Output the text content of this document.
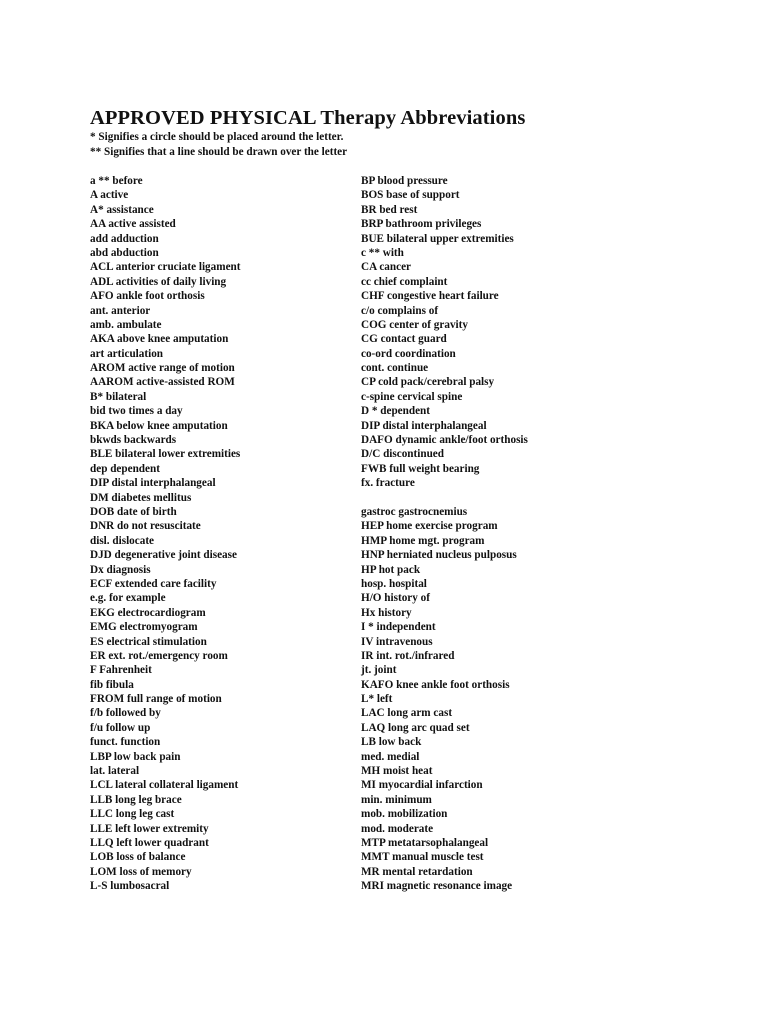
APPROVED PHYSICAL Therapy Abbreviations
* Signifies a circle should be placed around the letter.
** Signifies that a line should be drawn over the letter
a ** before
A active
A* assistance
AA active assisted
add adduction
abd abduction
ACL anterior cruciate ligament
ADL activities of daily living
AFO ankle foot orthosis
ant. anterior
amb. ambulate
AKA above knee amputation
art articulation
AROM active range of motion
AAROM active-assisted ROM
B* bilateral
bid two times a day
BKA below knee amputation
bkwds backwards
BLE bilateral lower extremities
dep dependent
DIP distal interphalangeal
DM diabetes mellitus
DOB date of birth
DNR do not resuscitate
disl. dislocate
DJD degenerative joint disease
Dx diagnosis
ECF extended care facility
e.g. for example
EKG electrocardiogram
EMG electromyogram
ES electrical stimulation
ER ext. rot./emergency room
F Fahrenheit
fib fibula
FROM full range of motion
f/b followed by
f/u follow up
funct. function
LBP low back pain
lat. lateral
LCL lateral collateral ligament
LLB long leg brace
LLC long leg cast
LLE left lower extremity
LLQ left lower quadrant
LOB loss of balance
LOM loss of memory
L-S lumbosacral
BP blood pressure
BOS base of support
BR bed rest
BRP bathroom privileges
BUE bilateral upper extremities
c ** with
CA cancer
cc chief complaint
CHF congestive heart failure
c/o complains of
COG center of gravity
CG contact guard
co-ord coordination
cont. continue
CP cold pack/cerebral palsy
c-spine cervical spine
D * dependent
DIP distal interphalangeal
DAFO dynamic ankle/foot orthosis
D/C discontinued
FWB full weight bearing
fx. fracture
gastroc gastrocnemius
HEP home exercise program
HMP home mgt. program
HNP herniated nucleus pulposus
HP hot pack
hosp. hospital
H/O history of
Hx history
I * independent
IV intravenous
IR int. rot./infrared
jt. joint
KAFO knee ankle foot orthosis
L* left
LAC long arm cast
LAQ long arc quad set
LB low back
med. medial
MH moist heat
MI myocardial infarction
min. minimum
mob. mobilization
mod. moderate
MTP metatarsophalangeal
MMT manual muscle test
MR mental retardation
MRI magnetic resonance image
